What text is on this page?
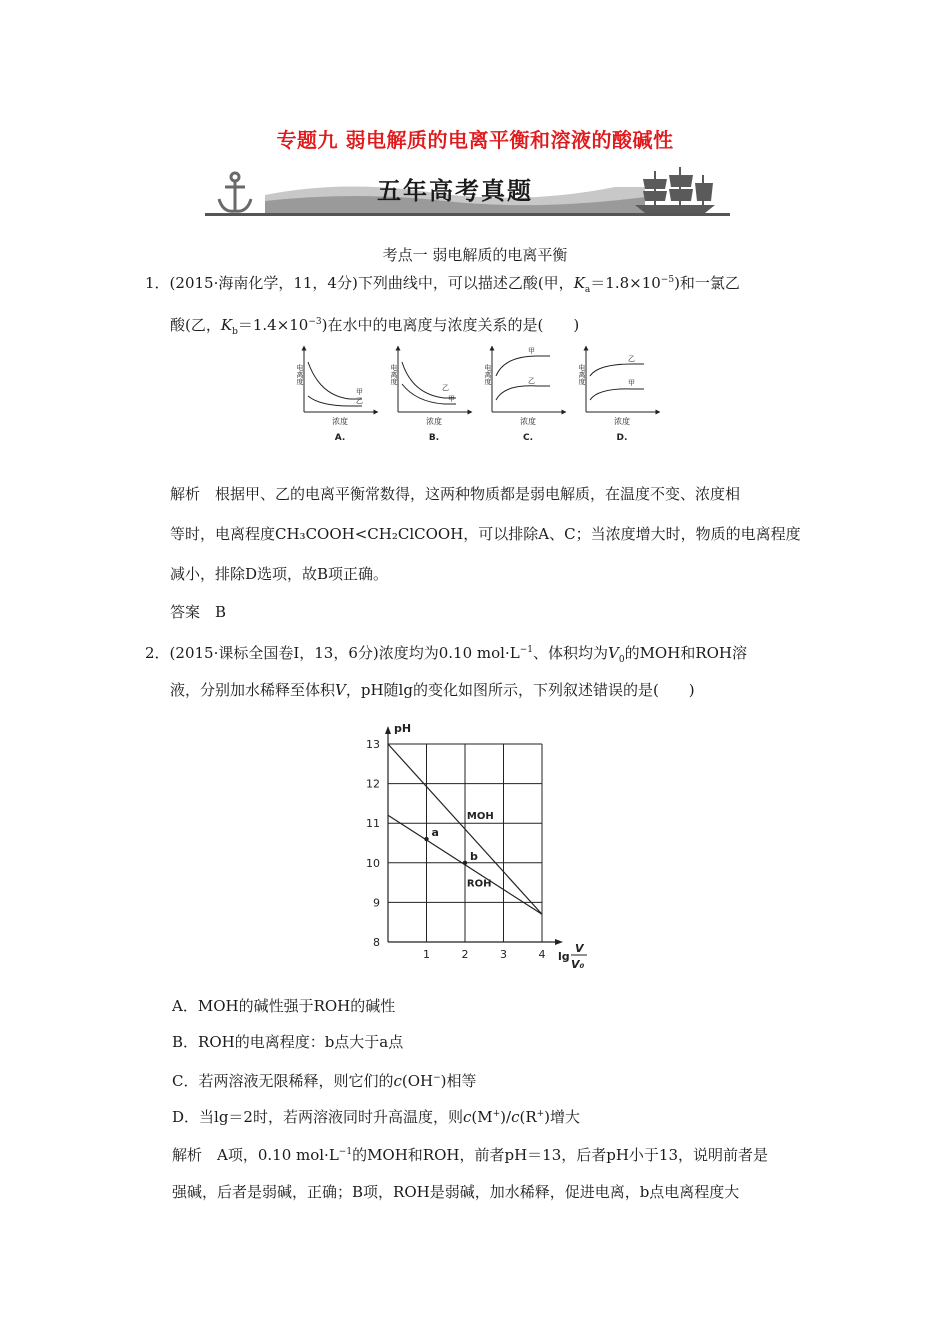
专题九 弱电解质的电离平衡和溶液的酸碱性
五年高考真题
考点一 弱电解质的电离平衡
1．(2015·海南化学，11，4分)下列曲线中，可以描述乙酸(甲，$K_a=1.8\times 10^{-5}$)和一氯乙
酸(乙，$K_b=1.4\times 10^{-3}$)在水中的电离度与浓度关系的是(　　)
电离度
浓度
甲
乙
A.
电离度
浓度
乙
甲
B.
电离度
浓度
甲
乙
C.
电离度
浓度
乙
甲
D.
解析　根据甲、乙的电离平衡常数得，这两种物质都是弱电解质，在温度不变、浓度相
等时，电离程度CH₃COOH<CH₂ClCOOH，可以排除A、C；当浓度增大时，物质的电离程度
减小，排除D选项，故B项正确。
答案　B
2．(2015·课标全国卷Ⅰ，13，6分)浓度均为0.10 $mol\cdot L^{-1}$、体积均为$V_0$的MOH和ROH溶
液，分别加水稀释至体积V，pH随lg的变化如图所示，下列叙述错误的是(　　)
1	2	3	4
8
9
10
11
12
13
pH
lg
V
V₀
MOH
ROH
a
b
A．MOH的碱性强于ROH的碱性
B．ROH的电离程度：b点大于a点
C．若两溶液无限稀释，则它们的c(OH−)相等
D．当lg＝2时，若两溶液同时升高温度，则c(M+)/c(R+)增大
解析　A项，0.10 $mol\cdot L^{-1}$的MOH和ROH，前者pH＝13，后者pH小于13，说明前者是
强碱，后者是弱碱，正确；B项，ROH是弱碱，加水稀释，促进电离，b点电离程度大
